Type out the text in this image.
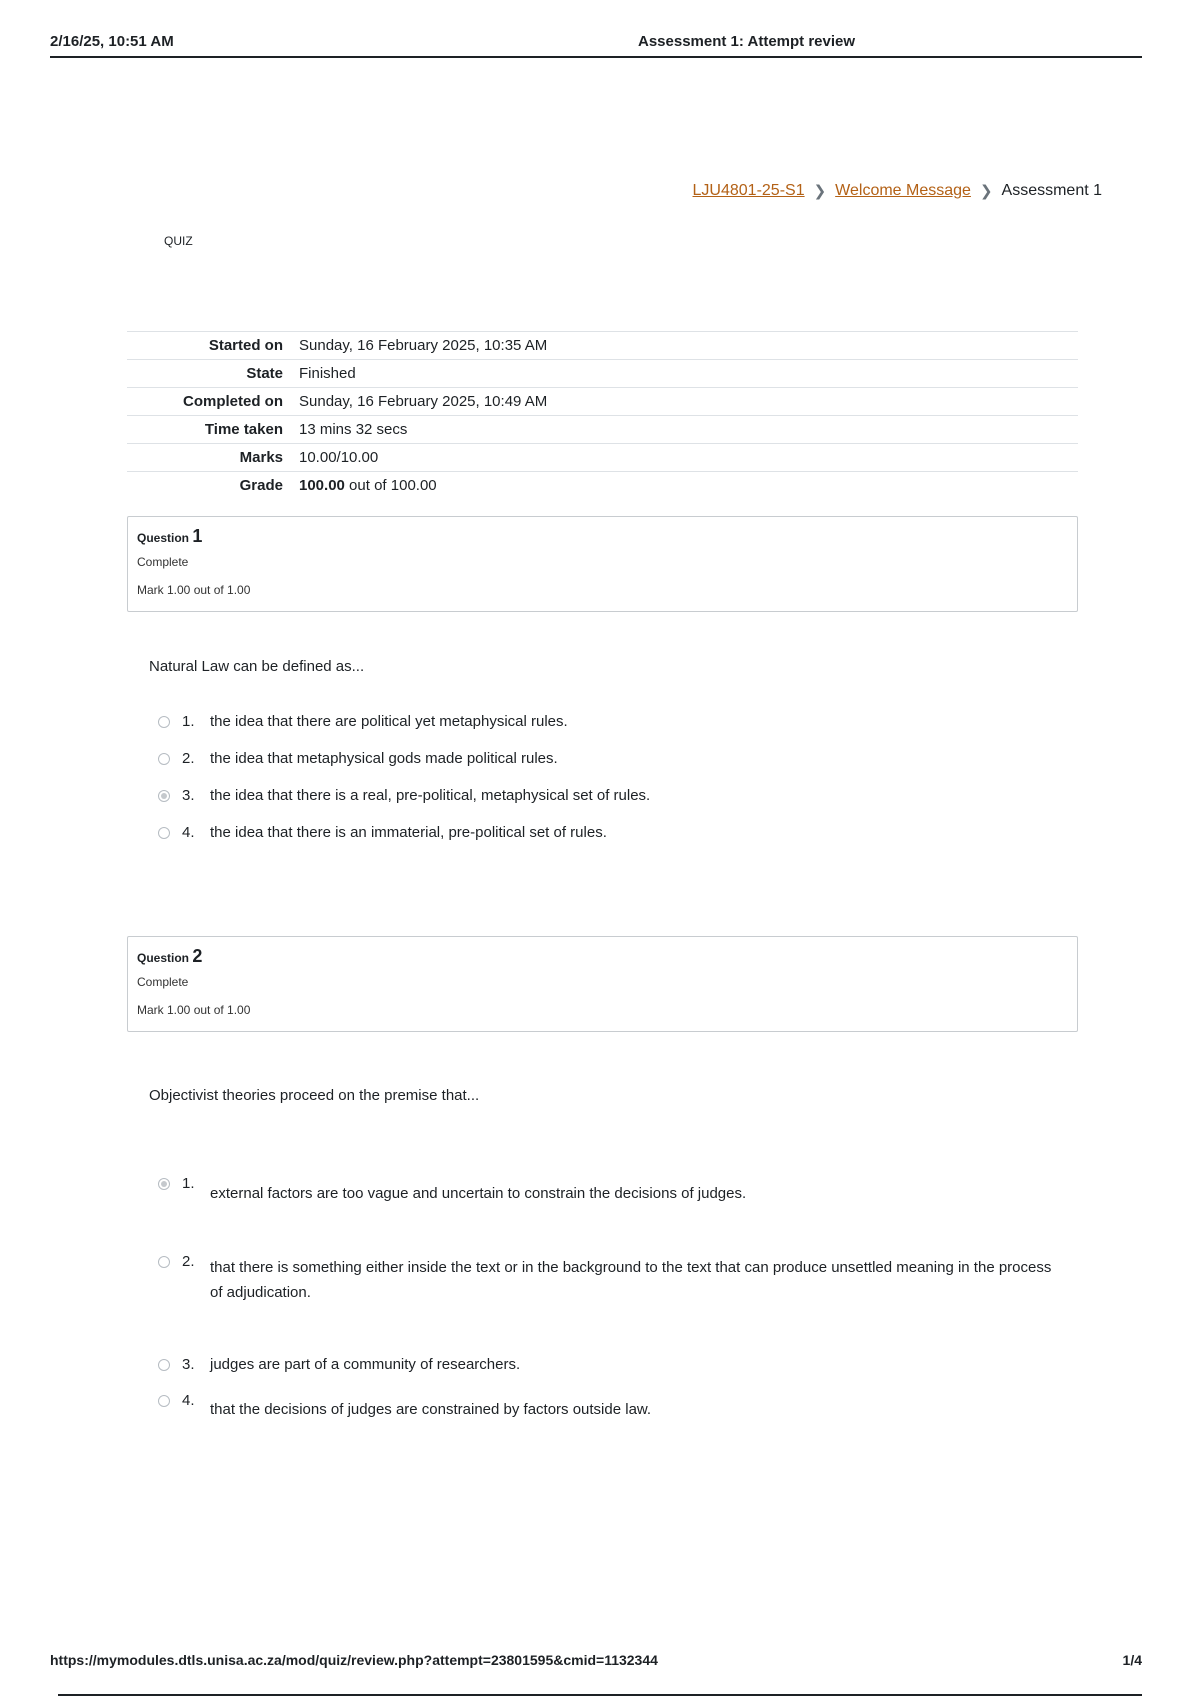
2/16/25, 10:51 AM	Assessment 1: Attempt review
LJU4801-25-S1 ❯ Welcome Message ❯ Assessment 1
QUIZ
Started on	Sunday, 16 February 2025, 10:35 AM
State	Finished
Completed on	Sunday, 16 February 2025, 10:49 AM
Time taken	13 mins 32 secs
Marks	10.00/10.00
Grade	100.00 out of 100.00
Question 1
Complete
Mark 1.00 out of 1.00
Natural Law can be defined as...
1.	the idea that there are political yet metaphysical rules.
2.	the idea that metaphysical gods made political rules.
3.	the idea that there is a real, pre-political, metaphysical set of rules.
4.	the idea that there is an immaterial, pre-political set of rules.
Question 2
Complete
Mark 1.00 out of 1.00
Objectivist theories proceed on the premise that...
1.
external factors are too vague and uncertain to constrain the decisions of judges.
2.	that there is something either inside the text or in the background to the text that can produce unsettled meaning in the process of adjudication.
3.	judges are part of a community of researchers.
4.
that the decisions of judges are constrained by factors outside law.
https://mymodules.dtls.unisa.ac.za/mod/quiz/review.php?attempt=23801595&cmid=1132344	1/4
